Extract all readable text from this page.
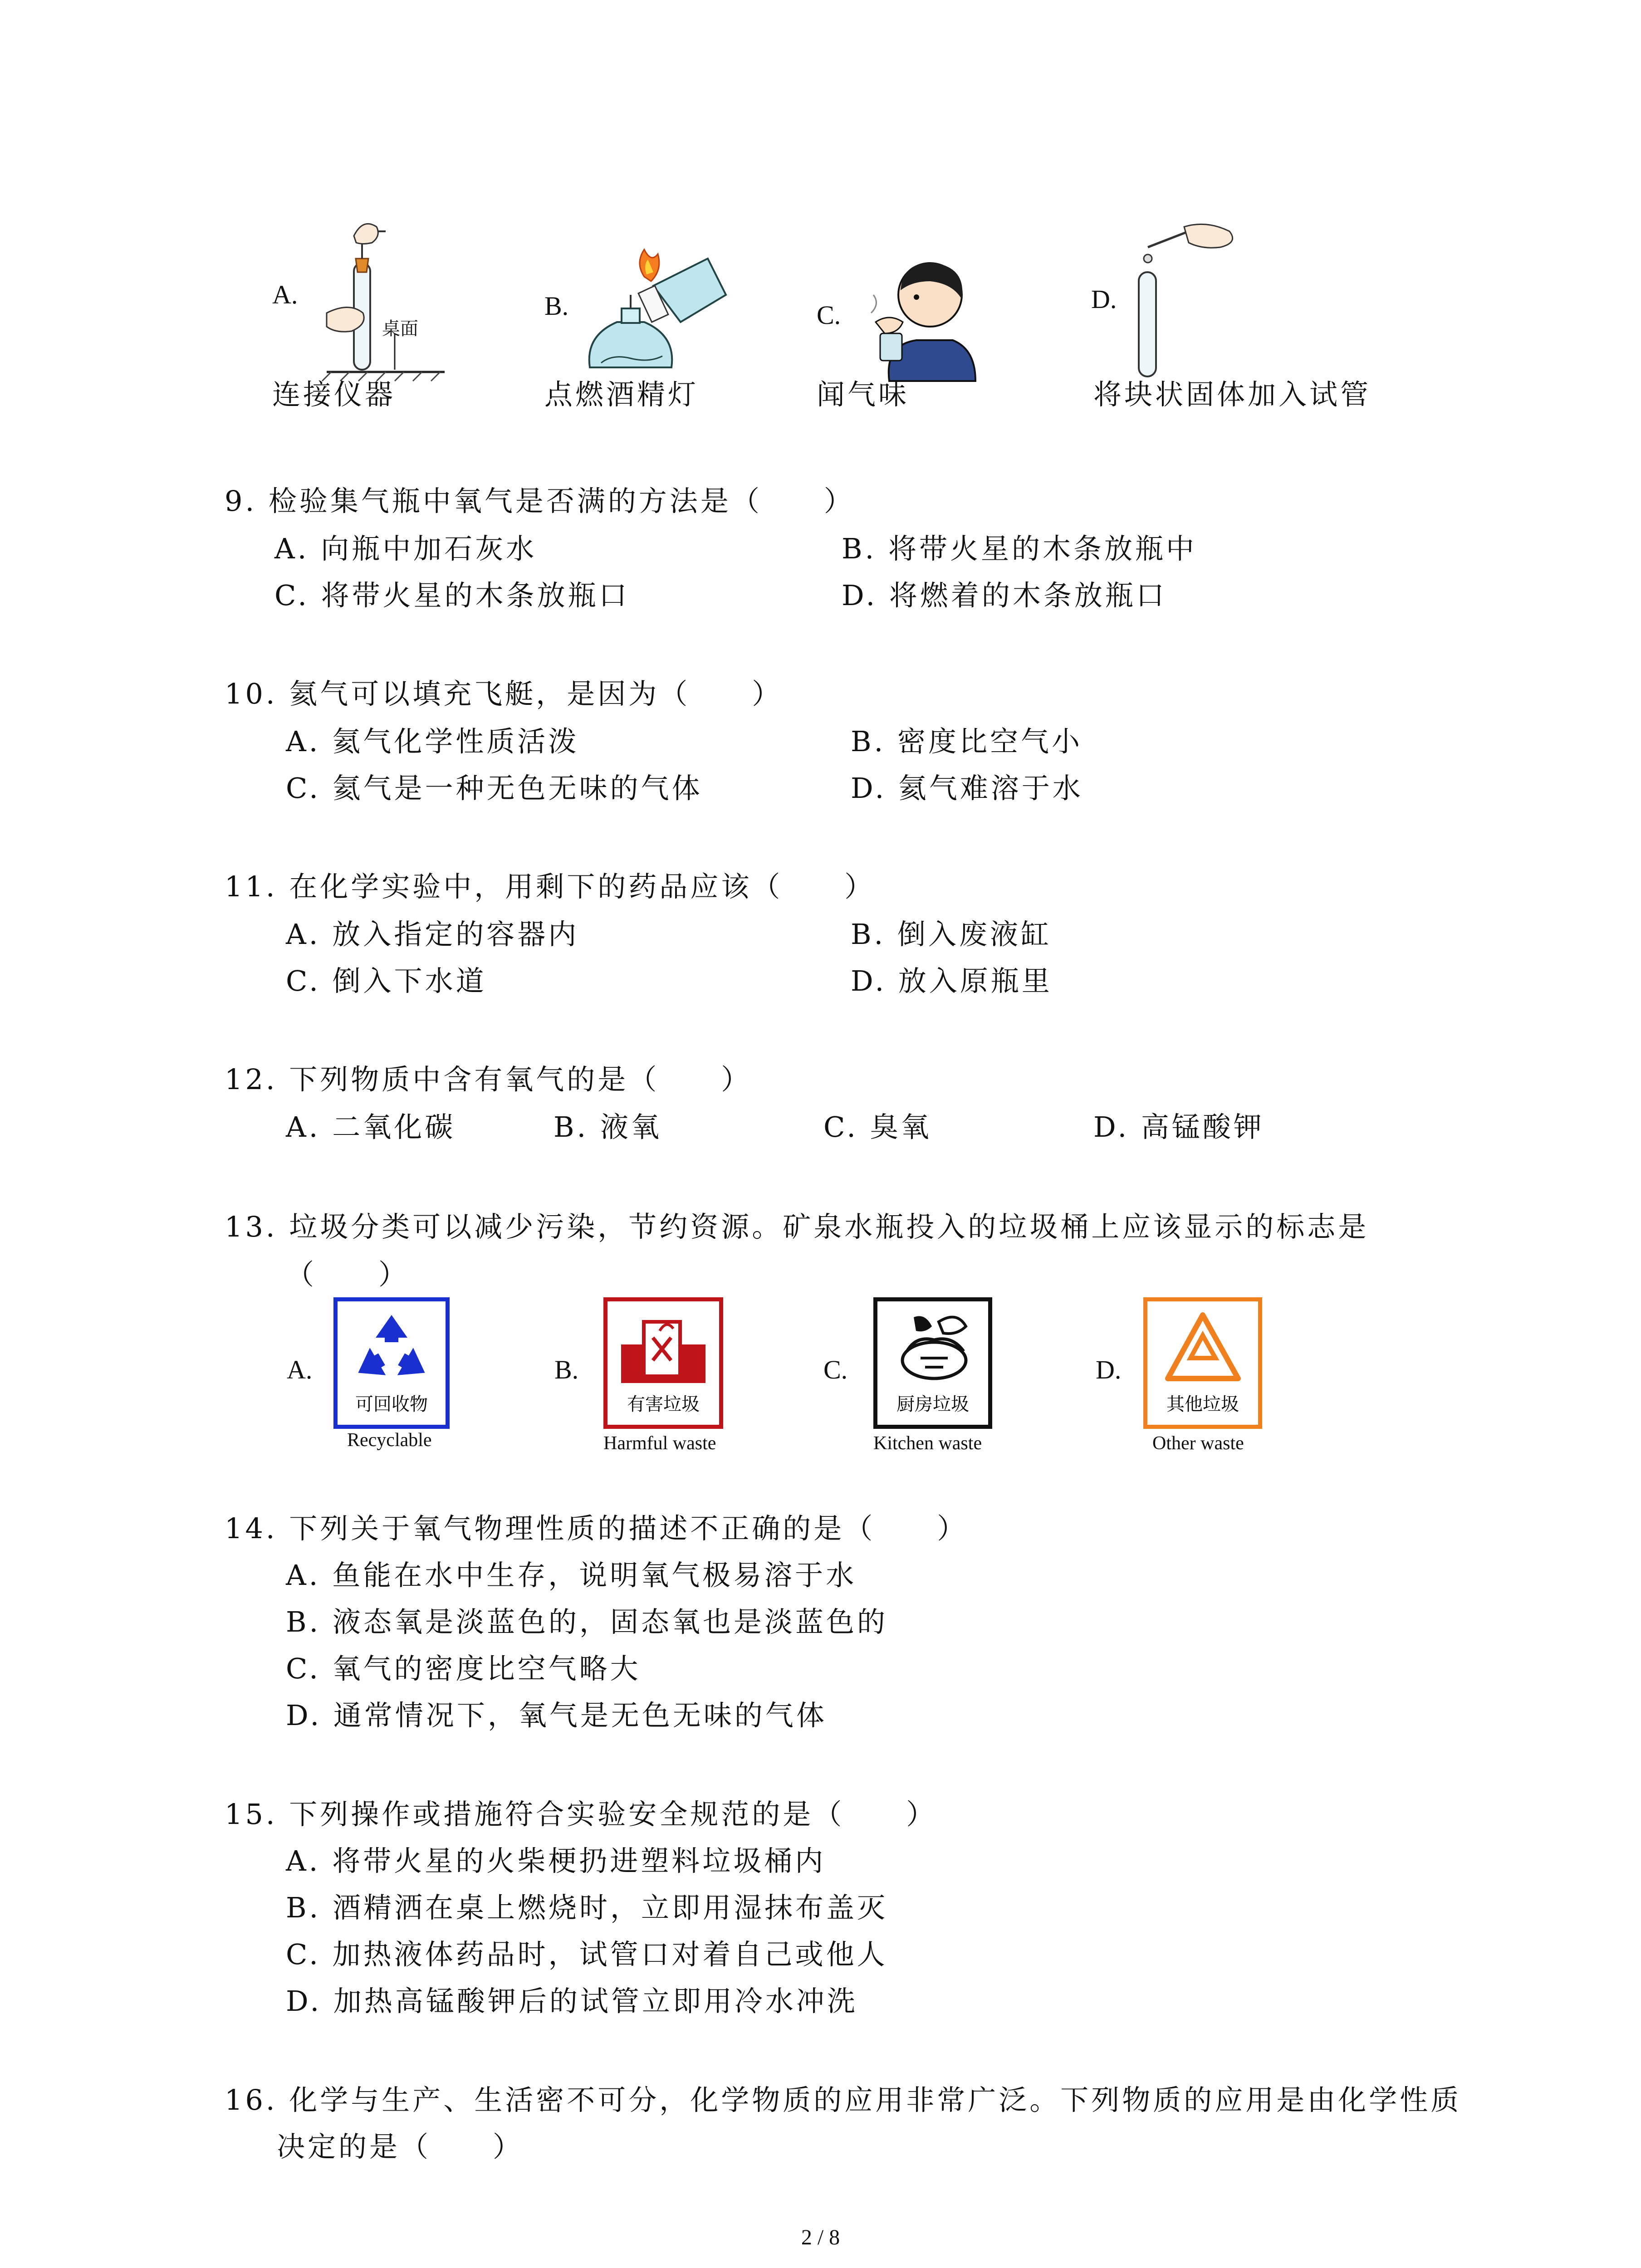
A.
桌面
连接仪器
B.
点燃酒精灯
C.
闻气味
D.
将块状固体加入试管
9. 检验集气瓶中氧气是否满的方法是（　　）
A. 向瓶中加石灰水	B. 将带火星的木条放瓶中
C. 将带火星的木条放瓶口	D. 将燃着的木条放瓶口
10. 氦气可以填充飞艇，是因为（　　）
A. 氦气化学性质活泼	B. 密度比空气小
C. 氦气是一种无色无味的气体	D. 氦气难溶于水
11. 在化学实验中，用剩下的药品应该（　　）
A. 放入指定的容器内	B. 倒入废液缸
C. 倒入下水道	D. 放入原瓶里
12. 下列物质中含有氧气的是（　　）
A. 二氧化碳	B. 液氧	C. 臭氧	D. 高锰酸钾
13. 垃圾分类可以减少污染，节约资源。矿泉水瓶投入的垃圾桶上应该显示的标志是
（　　）
A.
可回收物
Recyclable
B.
有害垃圾
Harmful waste
C.
厨房垃圾
Kitchen waste
D.
其他垃圾
Other waste
14. 下列关于氧气物理性质的描述不正确的是（　　）
A. 鱼能在水中生存，说明氧气极易溶于水
B. 液态氧是淡蓝色的，固态氧也是淡蓝色的
C. 氧气的密度比空气略大
D. 通常情况下，氧气是无色无味的气体
15. 下列操作或措施符合实验安全规范的是（　　）
A. 将带火星的火柴梗扔进塑料垃圾桶内
B. 酒精洒在桌上燃烧时，立即用湿抹布盖灭
C. 加热液体药品时，试管口对着自己或他人
D. 加热高锰酸钾后的试管立即用冷水冲洗
16. 化学与生产、生活密不可分，化学物质的应用非常广泛。下列物质的应用是由化学性质
决定的是（　　）
2 / 8
